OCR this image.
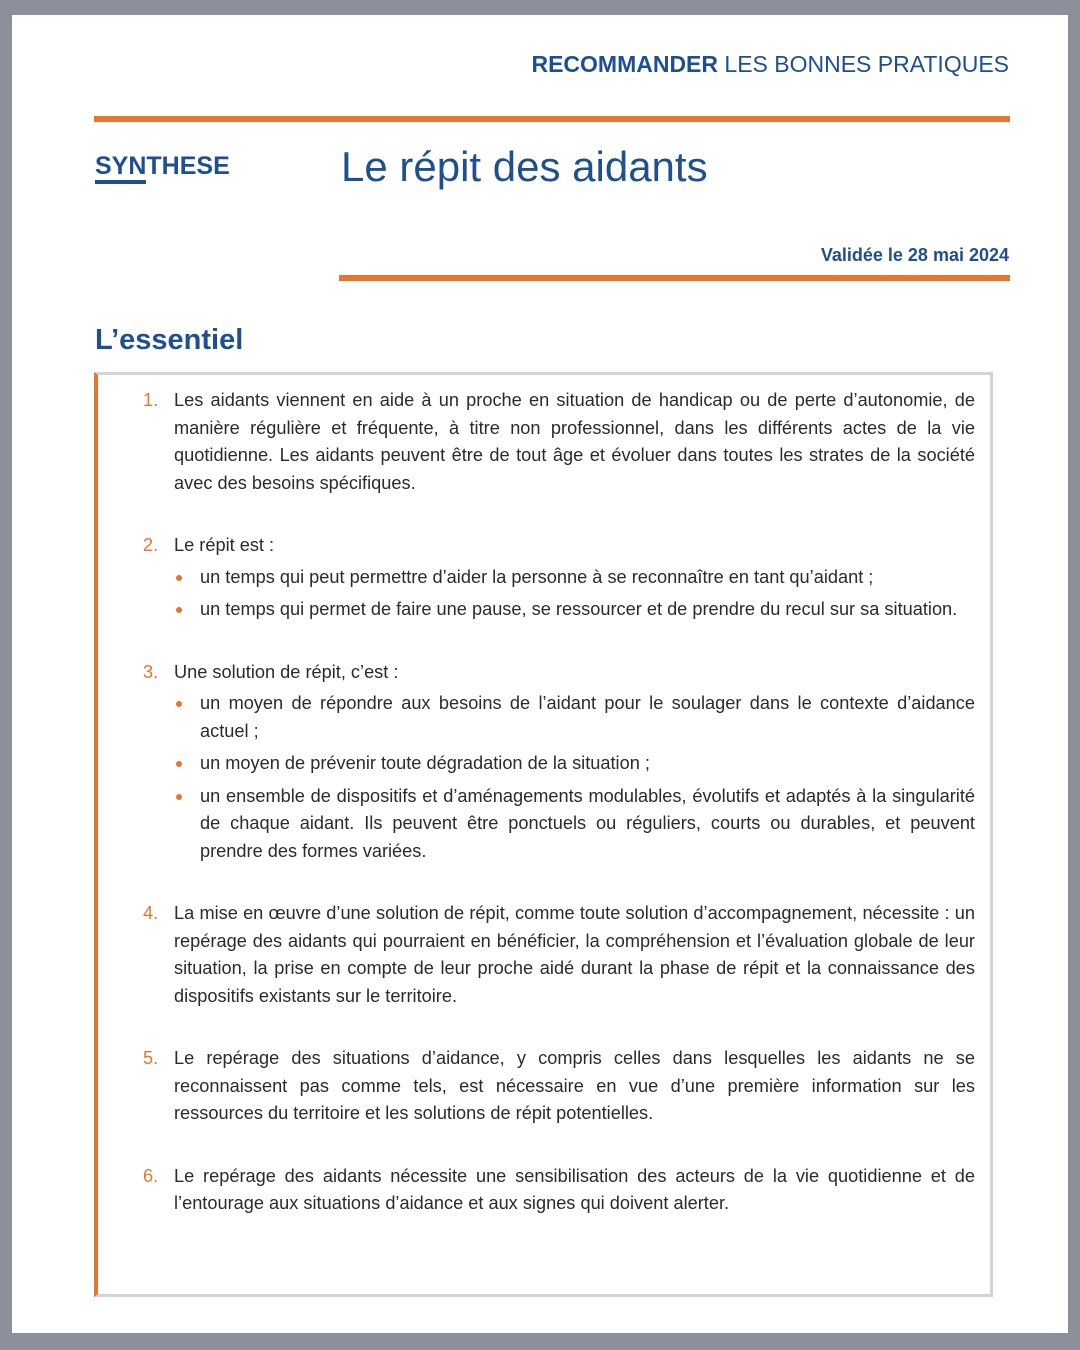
RECOMMANDER LES BONNES PRATIQUES
SYNTHESE	Le répit des aidants
Validée le 28 mai 2024
L’essentiel
1. Les aidants viennent en aide à un proche en situation de handicap ou de perte d’autonomie, de manière régulière et fréquente, à titre non professionnel, dans les différents actes de la vie quotidienne. Les aidants peuvent être de tout âge et évoluer dans toutes les strates de la société avec des besoins spécifiques.
2. Le répit est :
un temps qui peut permettre d’aider la personne à se reconnaître en tant qu’aidant ;
un temps qui permet de faire une pause, se ressourcer et de prendre du recul sur sa situation.
3. Une solution de répit, c’est :
un moyen de répondre aux besoins de l’aidant pour le soulager dans le contexte d’aidance actuel ;
un moyen de prévenir toute dégradation de la situation ;
un ensemble de dispositifs et d’aménagements modulables, évolutifs et adaptés à la singularité de chaque aidant. Ils peuvent être ponctuels ou réguliers, courts ou durables, et peuvent prendre des formes variées.
4. La mise en œuvre d’une solution de répit, comme toute solution d’accompagnement, nécessite : un repérage des aidants qui pourraient en bénéficier, la compréhension et l’évaluation globale de leur situation, la prise en compte de leur proche aidé durant la phase de répit et la connaissance des dispositifs existants sur le territoire.
5. Le repérage des situations d’aidance, y compris celles dans lesquelles les aidants ne se reconnaissent pas comme tels, est nécessaire en vue d’une première information sur les ressources du territoire et les solutions de répit potentielles.
6. Le repérage des aidants nécessite une sensibilisation des acteurs de la vie quotidienne et de l’entourage aux situations d’aidance et aux signes qui doivent alerter.
